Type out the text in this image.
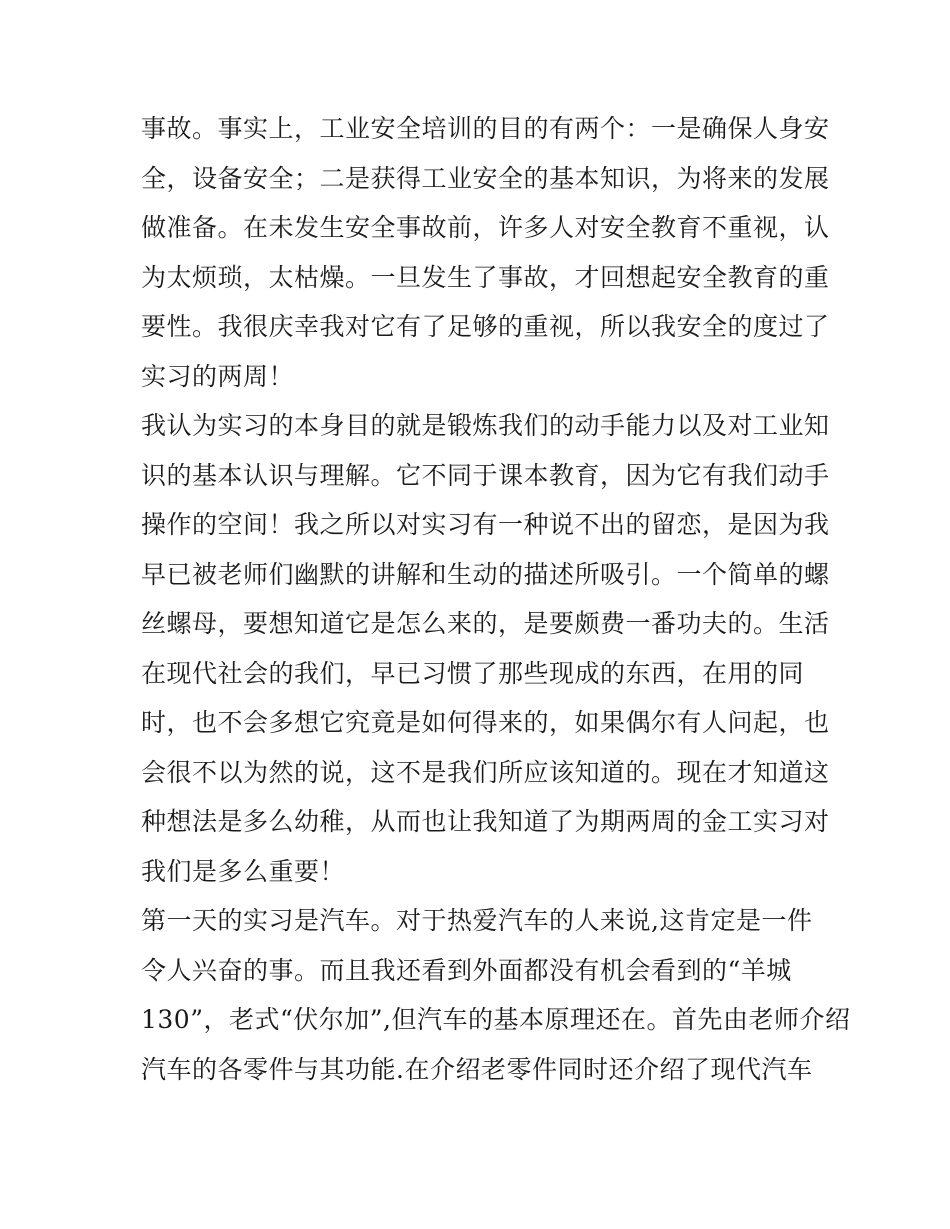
事故。事实上，工业安全培训的目的有两个：一是确保人身安
全，设备安全；二是获得工业安全的基本知识，为将来的发展
做准备。在未发生安全事故前，许多人对安全教育不重视，认
为太烦琐，太枯燥。一旦发生了事故，才回想起安全教育的重
要性。我很庆幸我对它有了足够的重视，所以我安全的度过了
实习的两周！
我认为实习的本身目的就是锻炼我们的动手能力以及对工业知
识的基本认识与理解。它不同于课本教育，因为它有我们动手
操作的空间！我之所以对实习有一种说不出的留恋，是因为我
早已被老师们幽默的讲解和生动的描述所吸引。一个简单的螺
丝螺母，要想知道它是怎么来的，是要颇费一番功夫的。生活
在现代社会的我们，早已习惯了那些现成的东西，在用的同
时，也不会多想它究竟是如何得来的，如果偶尔有人问起，也
会很不以为然的说，这不是我们所应该知道的。现在才知道这
种想法是多么幼稚，从而也让我知道了为期两周的金工实习对
我们是多么重要！
第一天的实习是汽车。对于热爱汽车的人来说,这肯定是一件
令人兴奋的事。而且我还看到外面都没有机会看到的“羊城
130”，老式“伏尔加”,但汽车的基本原理还在。首先由老师介绍
汽车的各零件与其功能.在介绍老零件同时还介绍了现代汽车
